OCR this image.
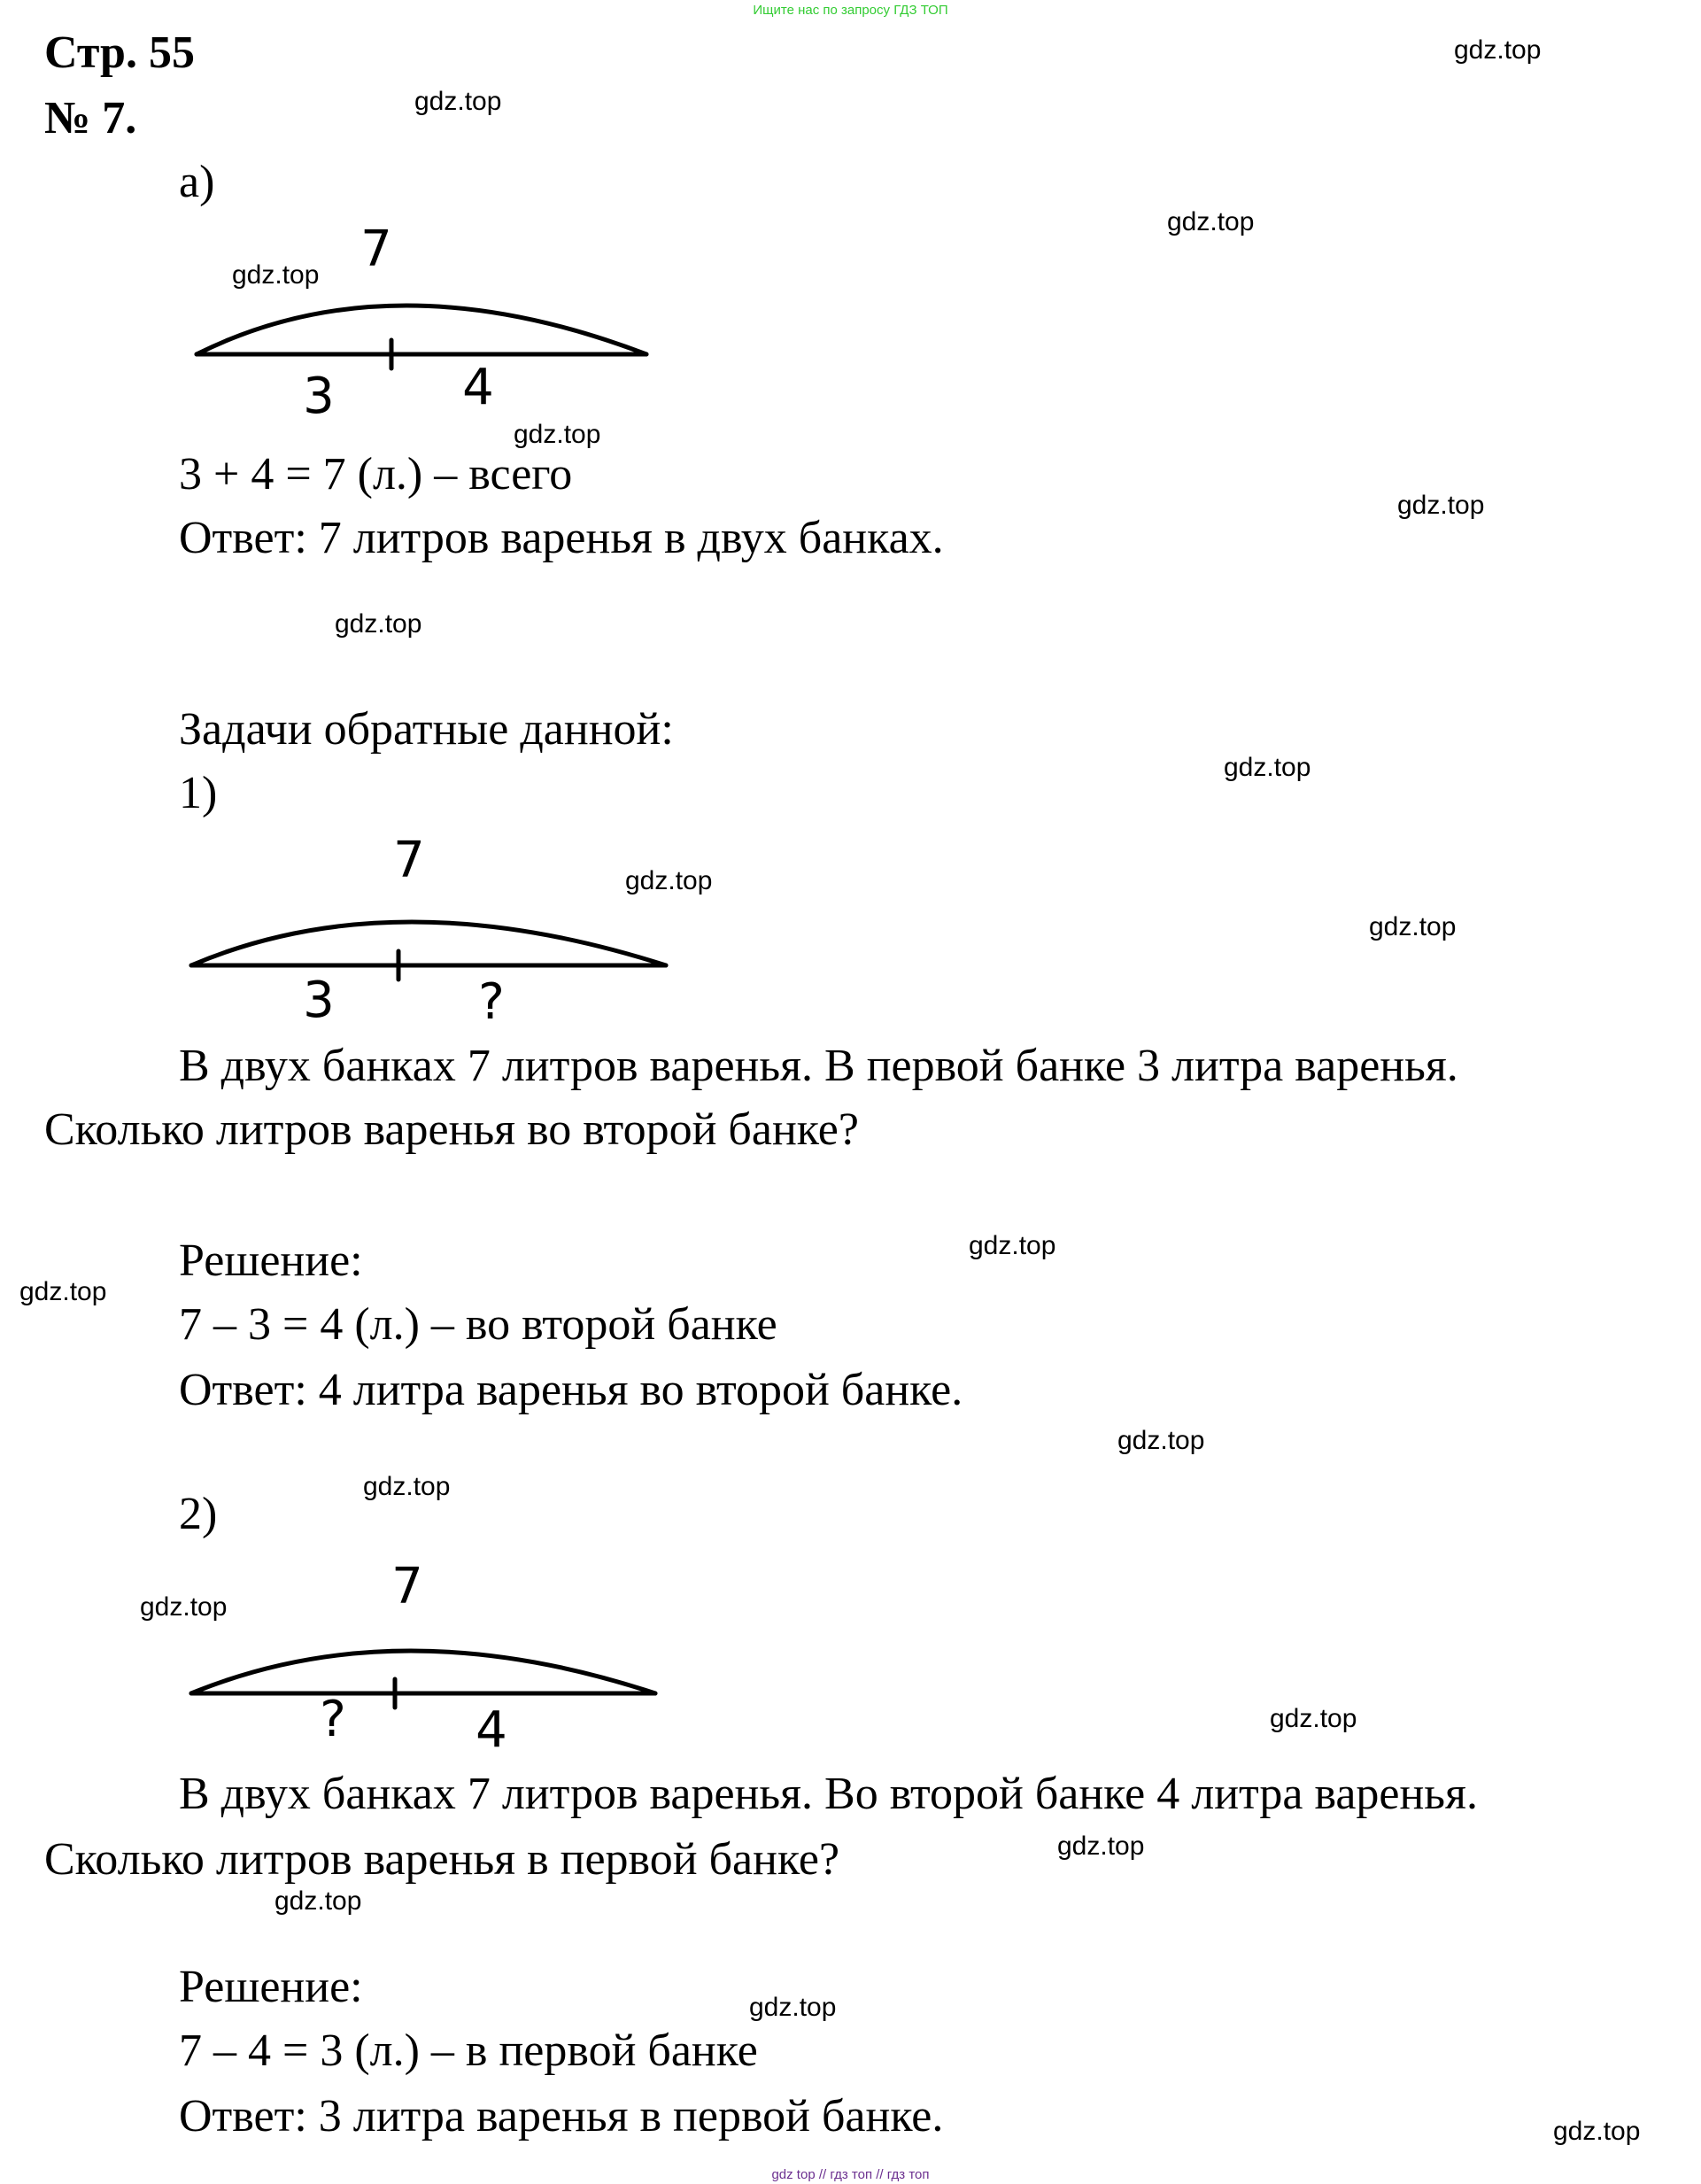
Ищите нас по запросу ГДЗ ТОП
Стр. 55
№ 7.
а)
7
3	4
3 + 4 = 7 (л.) – всего
Ответ: 7 литров варенья в двух банках.
Задачи обратные данной:
1)
7
3	?
В двух банках 7 литров варенья. В первой банке 3 литра варенья.
Сколько литров варенья во второй банке?
Решение:
7 – 3 = 4 (л.) – во второй банке
Ответ: 4 литра варенья во второй банке.
2)
7
?	4
В двух банках 7 литров варенья. Во второй банке 4 литра варенья.
Сколько литров варенья в первой банке?
Решение:
7 – 4 = 3 (л.) – в первой банке
Ответ: 3 литра варенья в первой банке.
gdz.top
gdz.top
gdz.top
gdz.top
gdz.top
gdz.top
gdz.top
gdz.top
gdz.top
gdz.top
gdz.top
gdz.top
gdz.top
gdz.top
gdz.top
gdz.top
gdz.top
gdz.top
gdz.top
gdz.top
gdz top // гдз топ // гдз топ
